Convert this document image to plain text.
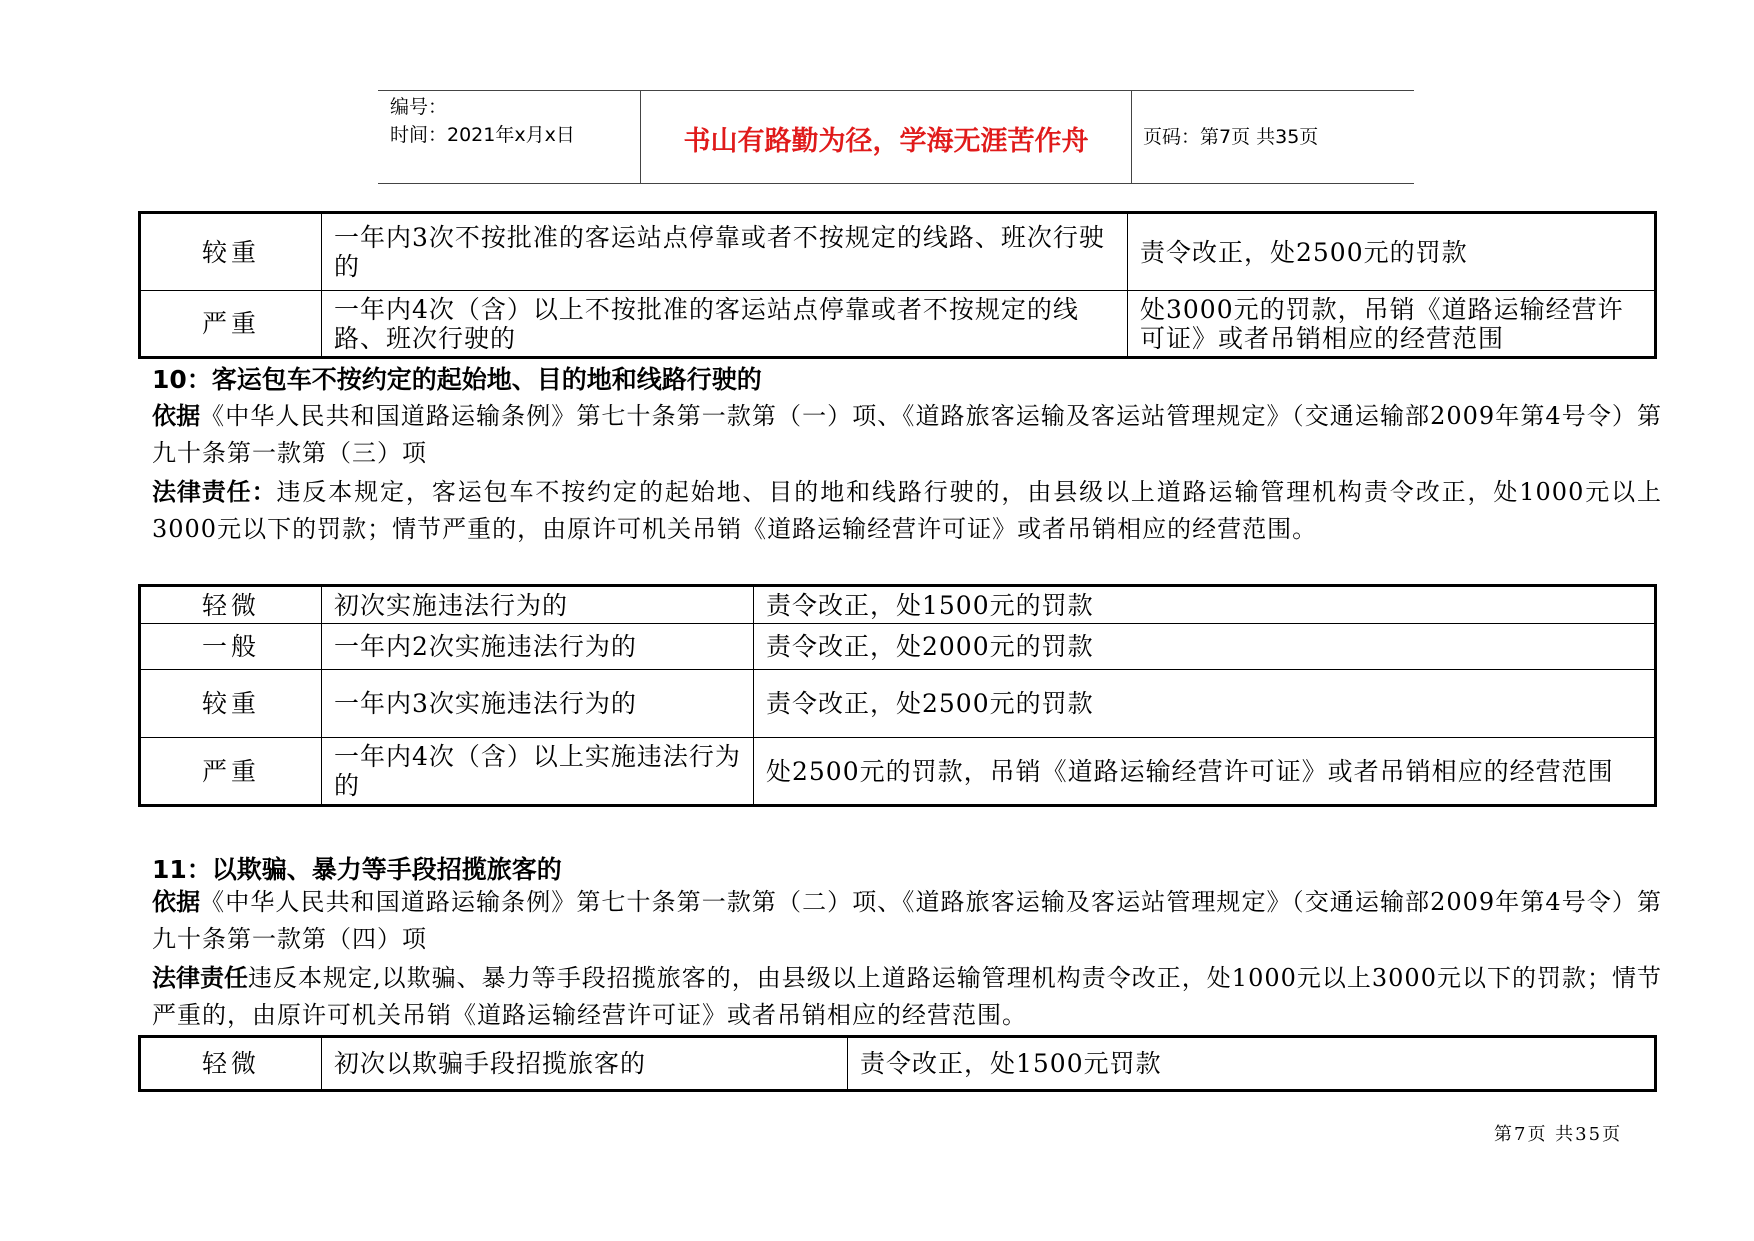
编号：
时间：2021年x月x日	书山有路勤为径，学海无涯苦作舟	页码：第7页 共35页
较重	一年内3次不按批准的客运站点停靠或者不按规定的线路、班次行驶的	责令改正，处2500元的罚款
严重	一年内4次（含）以上不按批准的客运站点停靠或者不按规定的线路、班次行驶的	处3000元的罚款，吊销《道路运输经营许可证》或者吊销相应的经营范围
10：客运包车不按约定的起始地、目的地和线路行驶的
依据《中华人民共和国道路运输条例》第七十条第一款第（一）项、《道路旅客运输及客运站管理规定》（交通运输部2009年第4号令）第九十条第一款第（三）项
法律责任：违反本规定，客运包车不按约定的起始地、目的地和线路行驶的，由县级以上道路运输管理机构责令改正，处1000元以上3000元以下的罚款；情节严重的，由原许可机关吊销《道路运输经营许可证》或者吊销相应的经营范围。
轻微	初次实施违法行为的	责令改正，处1500元的罚款
一般	一年内2次实施违法行为的	责令改正，处2000元的罚款
较重	一年内3次实施违法行为的	责令改正，处2500元的罚款
严重	一年内4次（含）以上实施违法行为的	处2500元的罚款，吊销《道路运输经营许可证》或者吊销相应的经营范围
11：以欺骗、暴力等手段招揽旅客的
依据《中华人民共和国道路运输条例》第七十条第一款第（二）项、《道路旅客运输及客运站管理规定》（交通运输部2009年第4号令）第九十条第一款第（四）项
法律责任违反本规定,以欺骗、暴力等手段招揽旅客的，由县级以上道路运输管理机构责令改正，处1000元以上3000元以下的罚款；情节严重的，由原许可机关吊销《道路运输经营许可证》或者吊销相应的经营范围。
轻微	初次以欺骗手段招揽旅客的	责令改正，处1500元罚款
第7页 共35页
